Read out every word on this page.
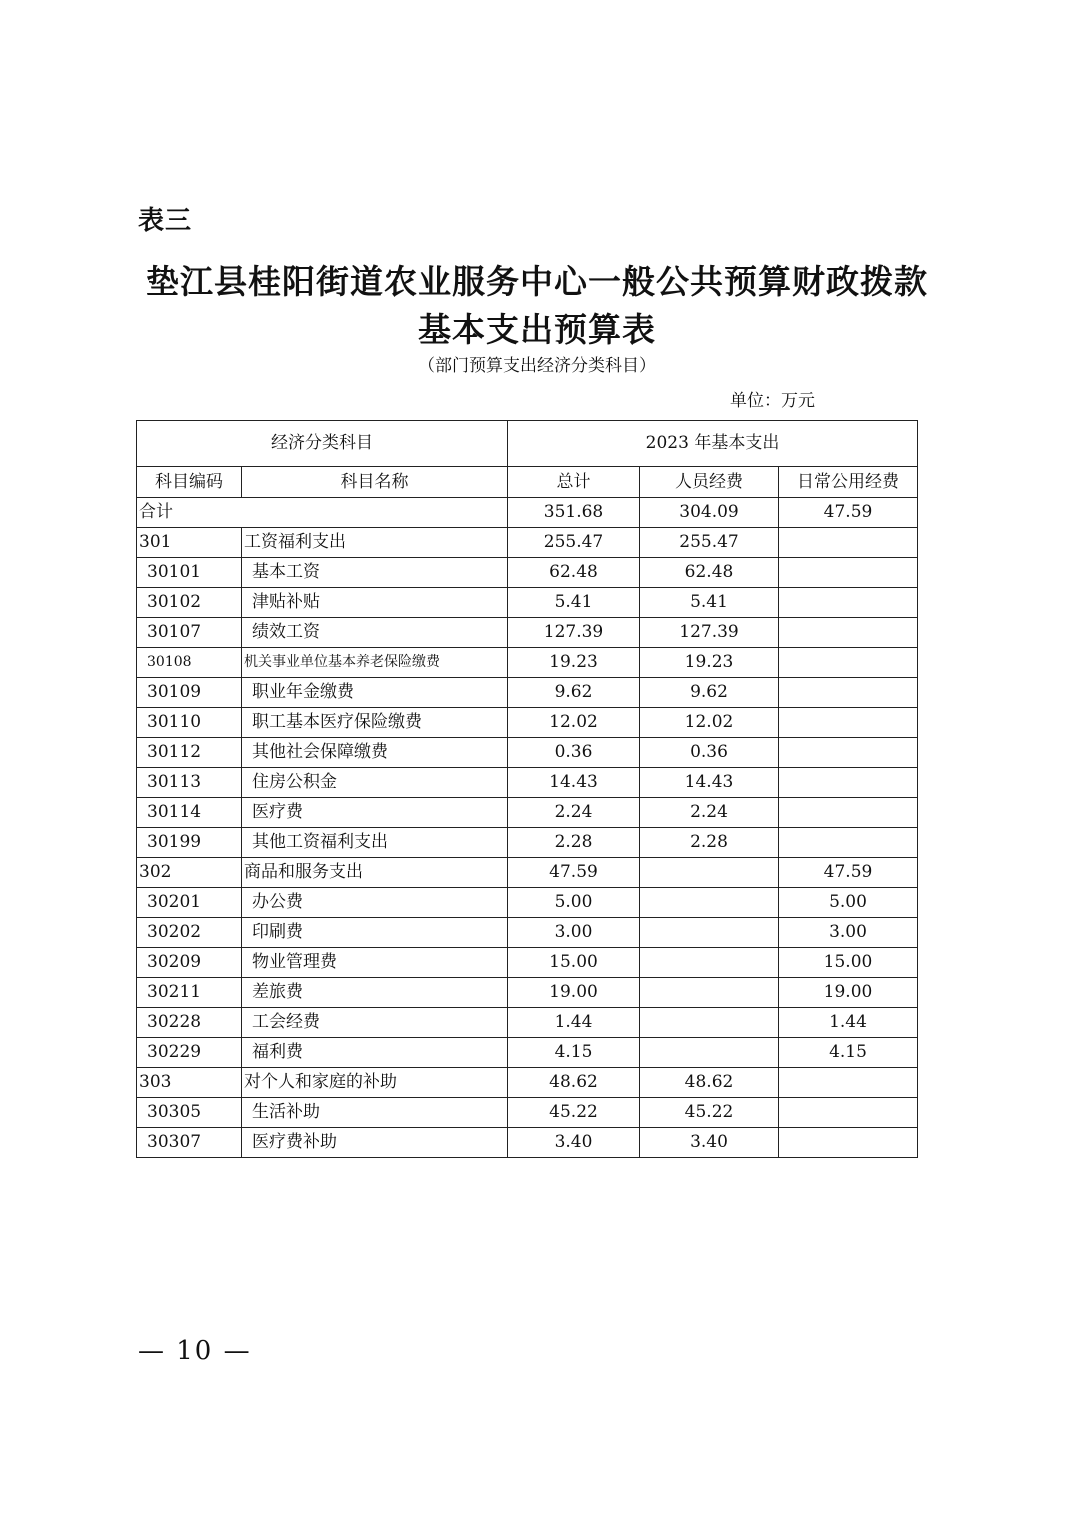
表三
垫江县桂阳街道农业服务中心一般公共预算财政拨款
基本支出预算表
（部门预算支出经济分类科目）
单位：万元
经济分类科目		2023 年基本支出		
科目编码	科目名称	总计	人员经费	日常公用经费
合计		351.68	304.09	47.59
301	工资福利支出	255.47	255.47	
30101	基本工资	62.48	62.48	
30102	津贴补贴	5.41	5.41	
30107	绩效工资	127.39	127.39	
30108	机关事业单位基本养老保险缴费	19.23	19.23	
30109	职业年金缴费	9.62	9.62	
30110	职工基本医疗保险缴费	12.02	12.02	
30112	其他社会保障缴费	0.36	0.36	
30113	住房公积金	14.43	14.43	
30114	医疗费	2.24	2.24	
30199	其他工资福利支出	2.28	2.28	
302	商品和服务支出	47.59		47.59
30201	办公费	5.00		5.00
30202	印刷费	3.00		3.00
30209	物业管理费	15.00		15.00
30211	差旅费	19.00		19.00
30228	工会经费	1.44		1.44
30229	福利费	4.15		4.15
303	对个人和家庭的补助	48.62	48.62	
30305	生活补助	45.22	45.22	
30307	医疗费补助	3.40	3.40	
— 10 —
